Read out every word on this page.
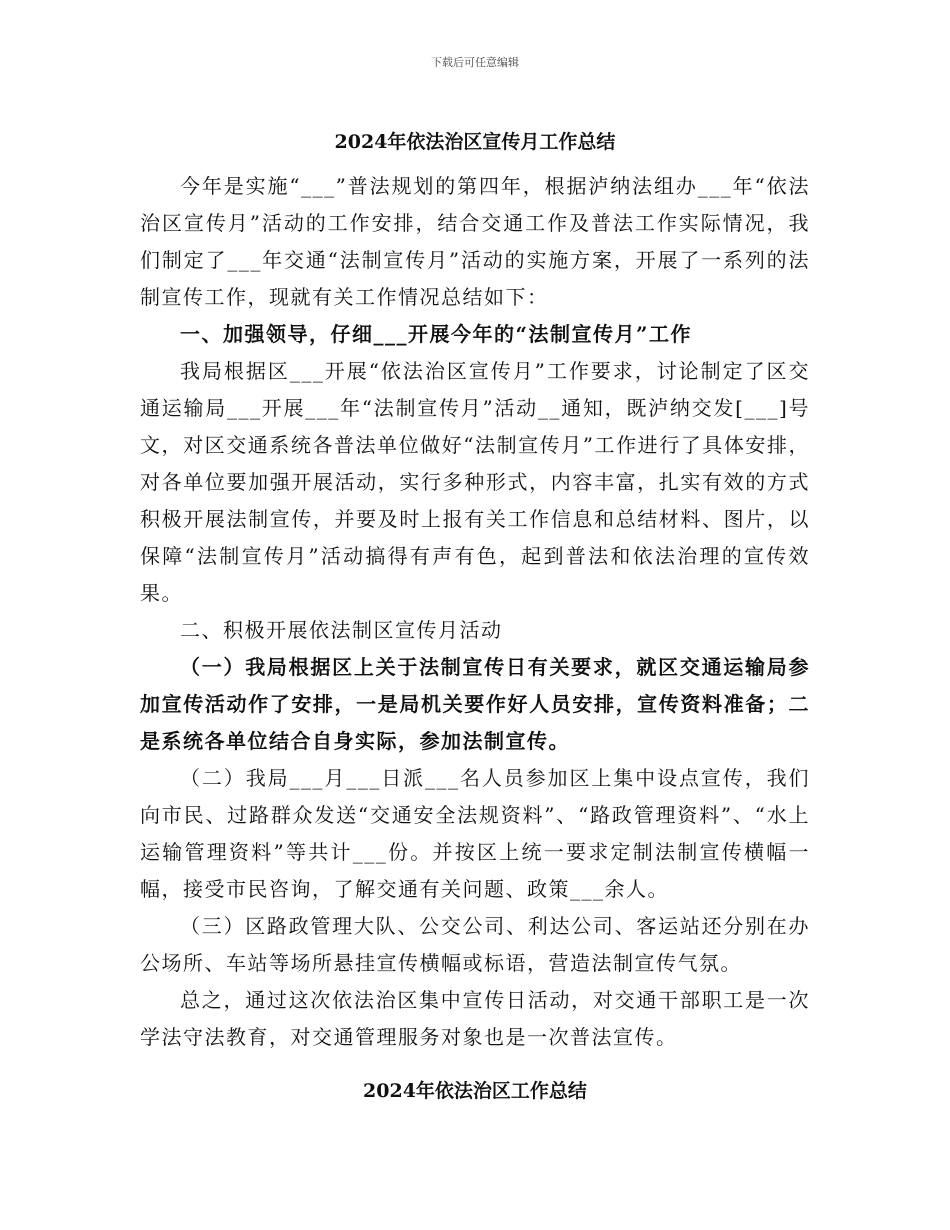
下载后可任意编辑
2024年依法治区宣传月工作总结

今年是实施“___”普法规划的第四年，根据泸纳法组办___年“依法治区宣传月”活动的工作安排，结合交通工作及普法工作实际情况，我们制定了___年交通“法制宣传月”活动的实施方案，开展了一系列的法制宣传工作，现就有关工作情况总结如下：

一、加强领导，仔细___开展今年的“法制宣传月”工作

我局根据区___开展“依法治区宣传月”工作要求，讨论制定了区交通运输局___开展___年“法制宣传月”活动__通知，既泸纳交发[___]号文，对区交通系统各普法单位做好“法制宣传月”工作进行了具体安排，对各单位要加强开展活动，实行多种形式，内容丰富，扎实有效的方式积极开展法制宣传，并要及时上报有关工作信息和总结材料、图片，以保障“法制宣传月”活动搞得有声有色，起到普法和依法治理的宣传效果。

二、积极开展依法制区宣传月活动

（一）我局根据区上关于法制宣传日有关要求，就区交通运输局参加宣传活动作了安排，一是局机关要作好人员安排，宣传资料准备；二是系统各单位结合自身实际，参加法制宣传。

（二）我局___月___日派___名人员参加区上集中设点宣传，我们向市民、过路群众发送“交通安全法规资料”、“路政管理资料”、“水上运输管理资料”等共计___份。并按区上统一要求定制法制宣传横幅一幅，接受市民咨询，了解交通有关问题、政策___余人。

（三）区路政管理大队、公交公司、利达公司、客运站还分别在办公场所、车站等场所悬挂宣传横幅或标语，营造法制宣传气氛。

总之，通过这次依法治区集中宣传日活动，对交通干部职工是一次学法守法教育，对交通管理服务对象也是一次普法宣传。

2024年依法治区工作总结
